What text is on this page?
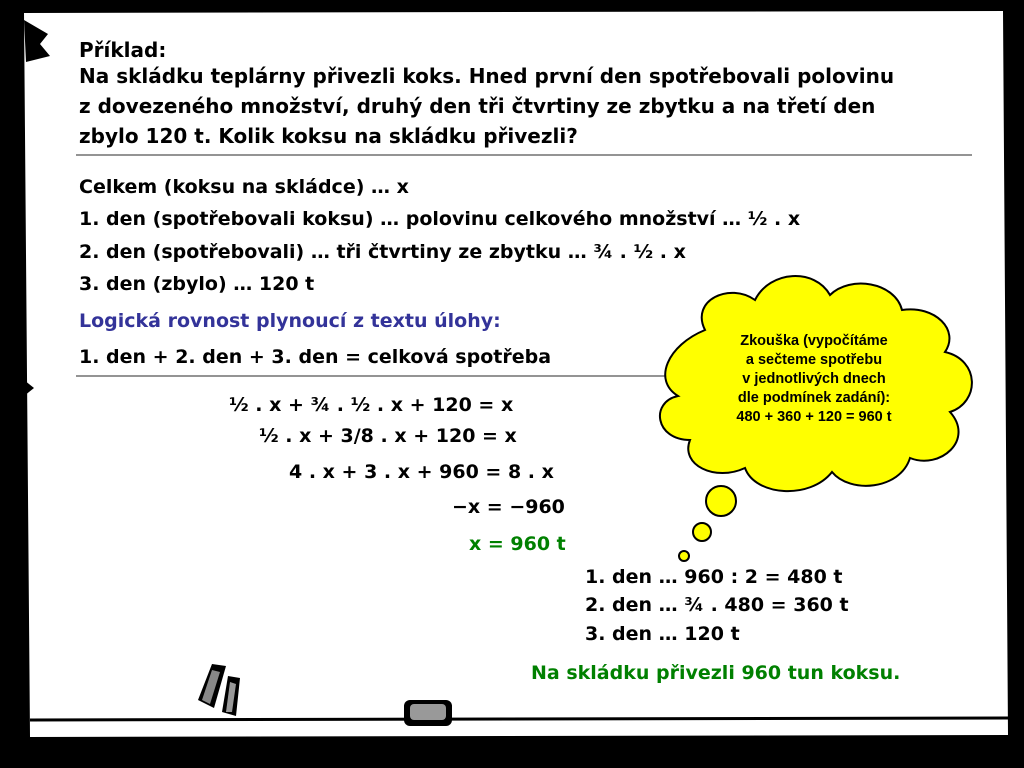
Příklad:
Na skládku teplárny přivezli koks. Hned první den spotřebovali polovinu
z dovezeného množství, druhý den tři čtvrtiny ze zbytku a na třetí den
zbylo 120 t. Kolik koksu na skládku přivezli?
Celkem (koksu na skládce) … x
1. den (spotřebovali koksu) … polovinu celkového množství … ½ . x
2. den (spotřebovali) … tři čtvrtiny ze zbytku … ¾ . ½ . x
3. den (zbylo) … 120 t
Logická rovnost plynoucí z textu úlohy:
1. den + 2. den + 3. den = celková spotřeba
½ . x + ¾ . ½ . x + 120 = x
½ . x + 3/8 . x + 120 = x
4 . x + 3 . x + 960 = 8 . x
−x = −960
x = 960 t
1. den … 960 : 2 = 480 t
2. den … ¾ . 480 = 360 t
3. den … 120 t
Na skládku přivezli 960 tun koksu.
Zkouška (vypočítáme
a sečteme spotřebu
v jednotlivých dnech
dle podmínek zadání):
480 + 360 + 120 = 960 t
